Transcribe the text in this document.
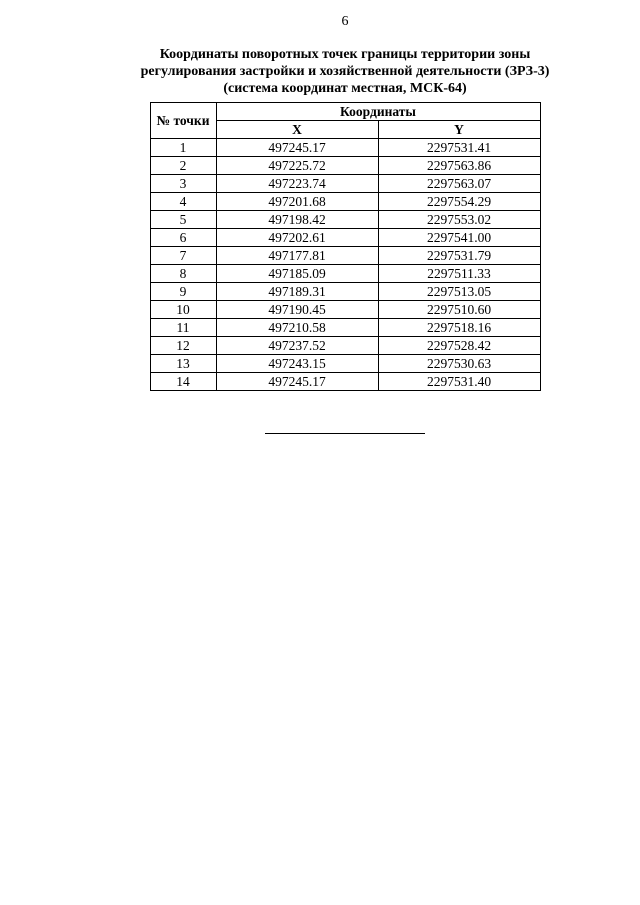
6
Координаты поворотных точек границы территории зоны
регулирования застройки и хозяйственной деятельности (ЗРЗ-3)
(система координат местная, МСК-64)
№ точки	Координаты	
	X	Y
1	497245.17	2297531.41
2	497225.72	2297563.86
3	497223.74	2297563.07
4	497201.68	2297554.29
5	497198.42	2297553.02
6	497202.61	2297541.00
7	497177.81	2297531.79
8	497185.09	2297511.33
9	497189.31	2297513.05
10	497190.45	2297510.60
11	497210.58	2297518.16
12	497237.52	2297528.42
13	497243.15	2297530.63
14	497245.17	2297531.40
